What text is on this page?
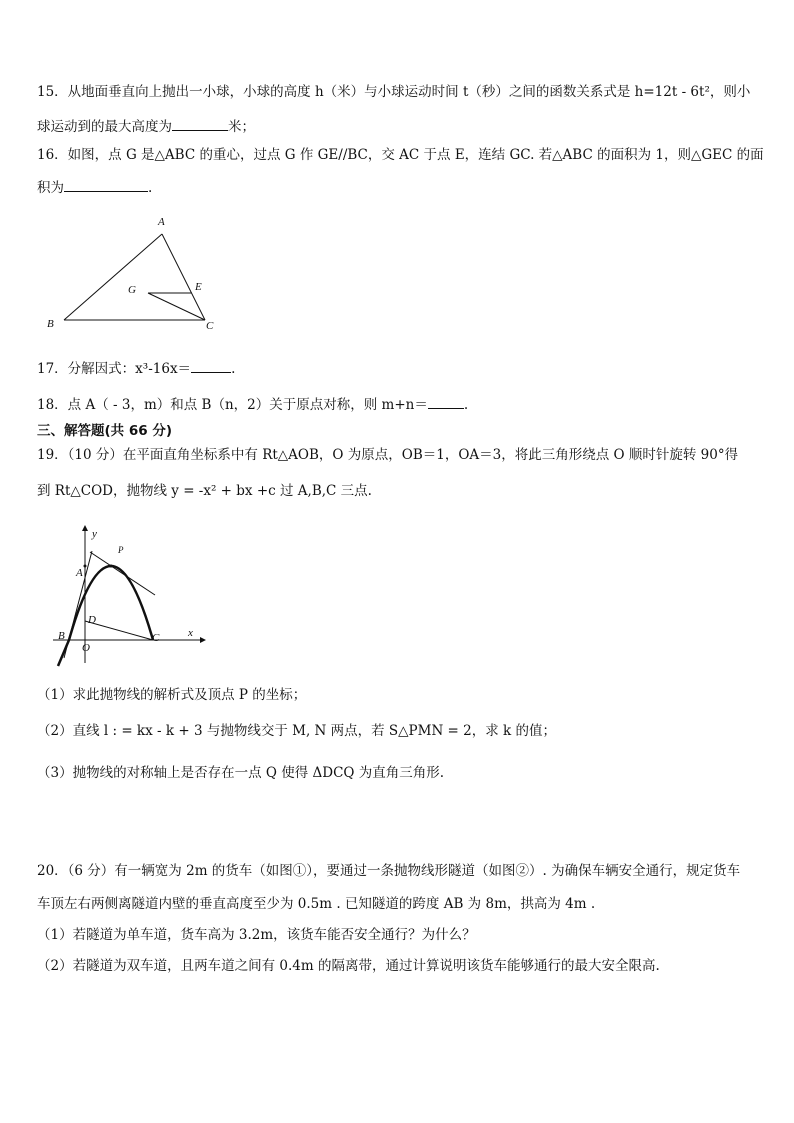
15．从地面垂直向上抛出一小球，小球的高度 h（米）与小球运动时间 t（秒）之间的函数关系式是 h=12t - 6t²，则小
球运动到的最大高度为	米；
16．如图，点 G 是△ABC 的重心，过点 G 作 GE//BC，交 AC 于点 E，连结 GC. 若△ABC 的面积为 1，则△GEC 的面
积为	.
A
B	C
G	E
17．分解因式：x³-16x＝	.
18．点 A（ - 3，m）和点 B（n，2）关于原点对称，则 m+n＝	.
三、解答题(共 66 分)
19．（10 分）在平面直角坐标系中有 Rt△AOB，O 为原点，OB＝1，OA＝3，将此三角形绕点 O 顺时针旋转 90°得
到 Rt△COD，抛物线 y = -x² + bx +c 过 A,B,C 三点.
x
y
P
A
D
B
O
C
（1）求此抛物线的解析式及顶点 P 的坐标；
（2）直线 l : = kx - k + 3 与抛物线交于 M, N 两点，若 S△PMN = 2，求 k 的值；
（3）抛物线的对称轴上是否存在一点 Q 使得 ΔDCQ 为直角三角形.
20．（6 分）有一辆宽为 2m 的货车（如图①），要通过一条抛物线形隧道（如图②）. 为确保车辆安全通行，规定货车
车顶左右两侧离隧道内壁的垂直高度至少为 0.5m . 已知隧道的跨度 AB 为 8m，拱高为 4m .
（1）若隧道为单车道，货车高为 3.2m，该货车能否安全通行？为什么？
（2）若隧道为双车道，且两车道之间有 0.4m 的隔离带，通过计算说明该货车能够通行的最大安全限高.
